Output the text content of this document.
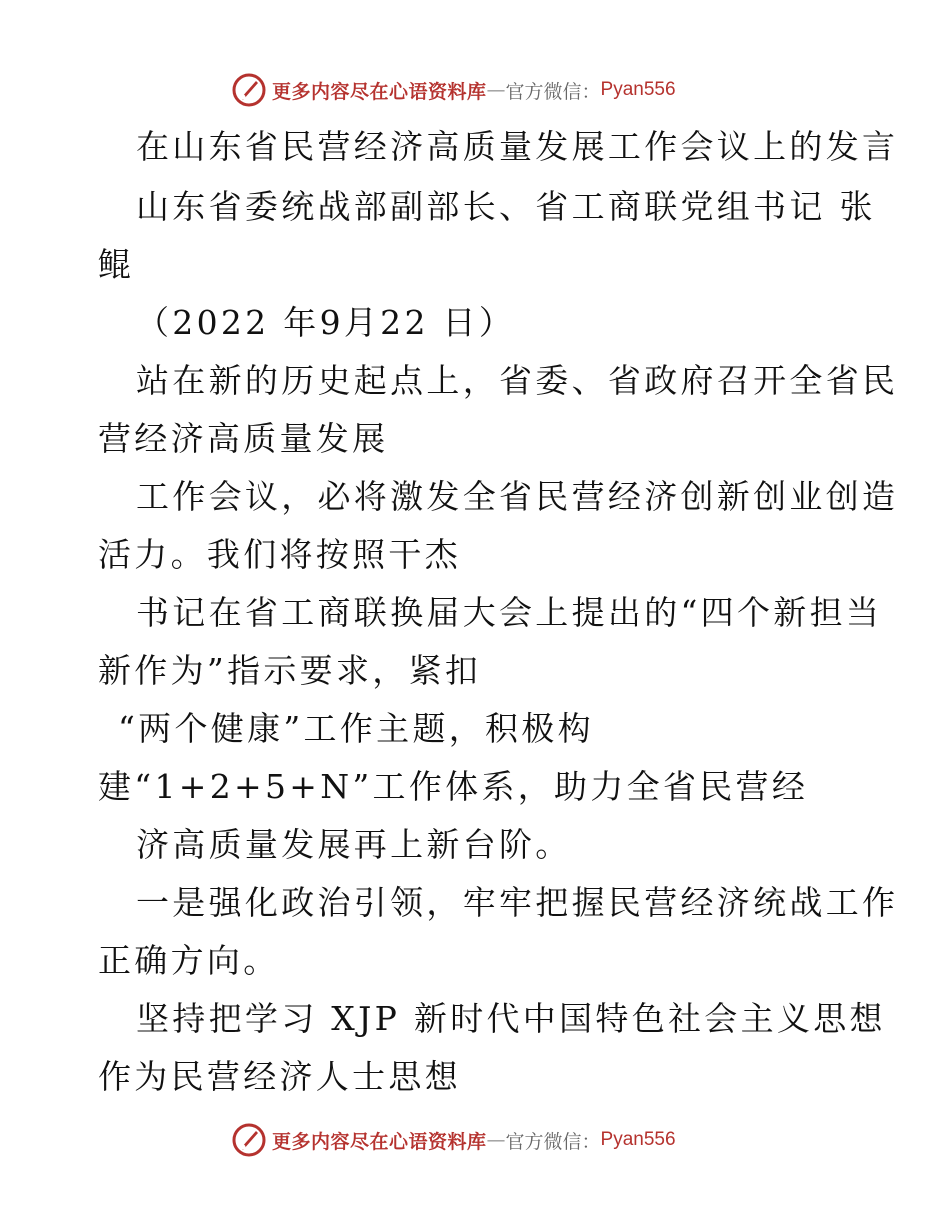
更多内容尽在心语资料库 — 官方微信： Pyan556
在山东省民营经济高质量发展工作会议上的发言
山东省委统战部副部长、省工商联党组书记 张
鲲
（2022 年9月22 日）
站在新的历史起点上，省委、省政府召开全省民
营经济高质量发展
工作会议，必将激发全省民营经济创新创业创造
活力。我们将按照干杰
书记在省工商联换届大会上提出的“四个新担当
新作为”指示要求，紧扣
“两个健康”工作主题，积极构
建“1+2+5+N”工作体系，助力全省民营经
济高质量发展再上新台阶。
一是强化政治引领，牢牢把握民营经济统战工作
正确方向。
坚持把学习 XJP 新时代中国特色社会主义思想
作为民营经济人士思想
更多内容尽在心语资料库 — 官方微信： Pyan556
